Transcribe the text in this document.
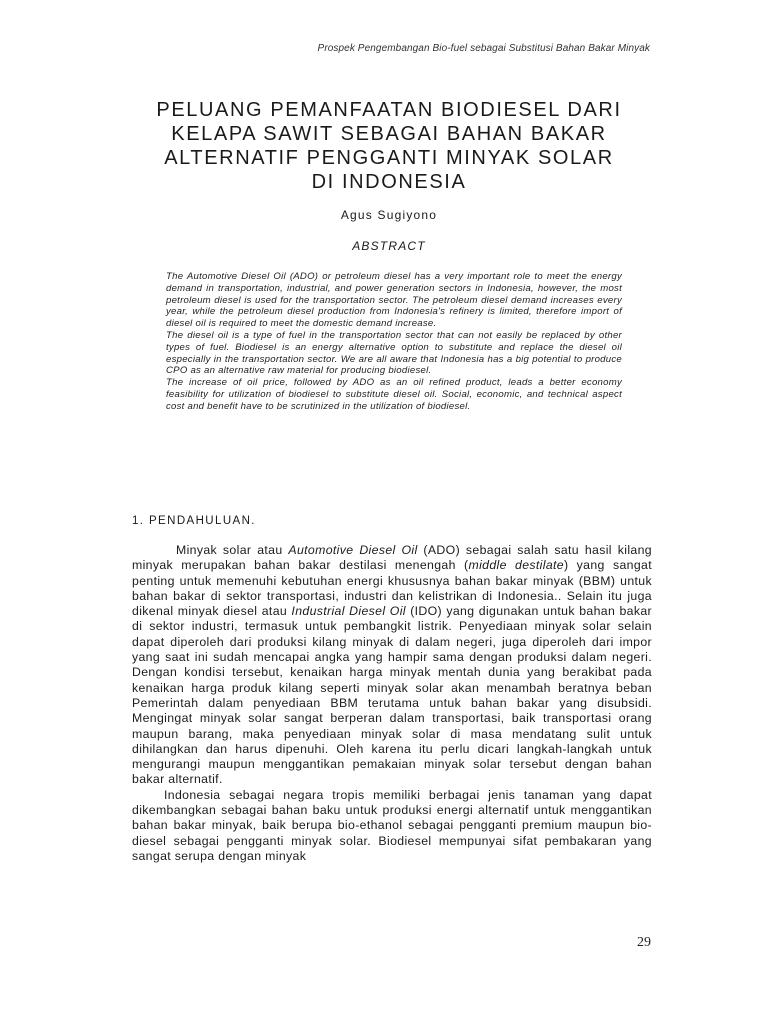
Prospek Pengembangan Bio-fuel sebagai Substitusi Bahan Bakar Minyak
PELUANG PEMANFAATAN BIODIESEL DARI
KELAPA SAWIT SEBAGAI BAHAN BAKAR
ALTERNATIF PENGGANTI MINYAK SOLAR
DI INDONESIA
Agus Sugiyono
ABSTRACT

The Automotive Diesel Oil (ADO) or petroleum diesel has a very important role to meet the energy demand in transportation, industrial, and power generation sectors in Indonesia, however, the most petroleum diesel is used for the transportation sector. The petroleum diesel demand increases every year, while the petroleum diesel production from Indonesia's refinery is limited, therefore import of diesel oil is required to meet the domestic demand increase.

The diesel oil is a type of fuel in the transportation sector that can not easily be replaced by other types of fuel. Biodiesel is an energy alternative option to substitute and replace the diesel oil especially in the transportation sector. We are all aware that Indonesia has a big potential to produce CPO as an alternative raw material for producing biodiesel.

The increase of oil price, followed by ADO as an oil refined product, leads a better economy feasibility for utilization of biodiesel to substitute diesel oil. Social, economic, and technical aspect cost and benefit have to be scrutinized in the utilization of biodiesel.

1. PENDAHULUAN.

Minyak solar atau Automotive Diesel Oil (ADO) sebagai salah satu hasil kilang minyak merupakan bahan bakar destilasi menengah (middle destilate) yang sangat penting untuk memenuhi kebutuhan energi khususnya bahan bakar minyak (BBM) untuk bahan bakar di sektor transportasi, industri dan kelistrikan di Indonesia.. Selain itu juga dikenal minyak diesel atau Industrial Diesel Oil (IDO) yang digunakan untuk bahan bakar di sektor industri, termasuk untuk pembangkit listrik. Penyediaan minyak solar selain dapat diperoleh dari produksi kilang minyak di dalam negeri, juga diperoleh dari impor yang saat ini sudah mencapai angka yang hampir sama dengan produksi dalam negeri. Dengan kondisi tersebut, kenaikan harga minyak mentah dunia yang berakibat pada kenaikan harga produk kilang seperti minyak solar akan menambah beratnya beban Pemerintah dalam penyediaan BBM terutama untuk bahan bakar yang disubsidi. Mengingat minyak solar sangat berperan dalam transportasi, baik transportasi orang maupun barang, maka penyediaan minyak solar di masa mendatang sulit untuk dihilangkan dan harus dipenuhi. Oleh karena itu perlu dicari langkah-langkah untuk mengurangi maupun menggantikan pemakaian minyak solar tersebut dengan bahan bakar alternatif.

Indonesia sebagai negara tropis memiliki berbagai jenis tanaman yang dapat dikembangkan sebagai bahan baku untuk produksi energi alternatif untuk menggantikan bahan bakar minyak, baik berupa bio-ethanol sebagai pengganti premium maupun bio-diesel sebagai pengganti minyak solar. Biodiesel mempunyai sifat pembakaran yang sangat serupa dengan minyak

29
